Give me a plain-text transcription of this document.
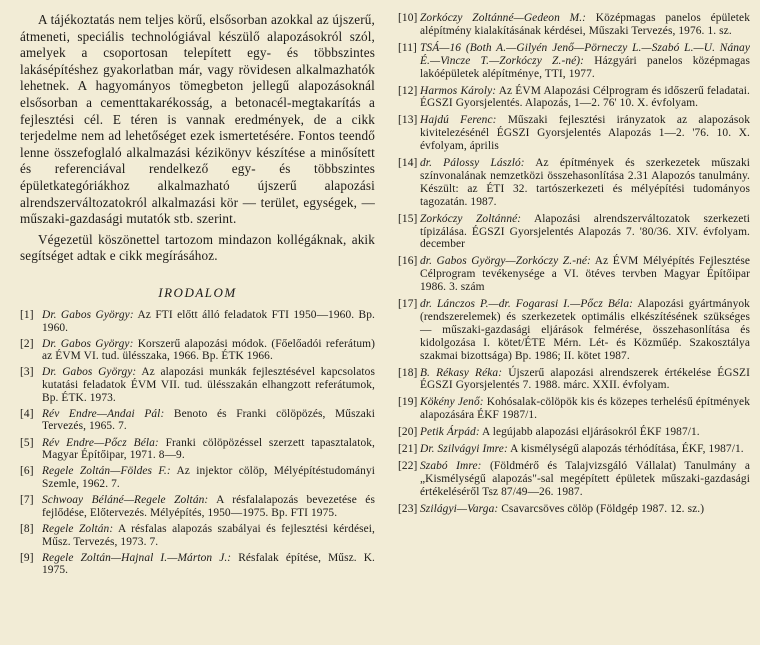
A tájékoztatás nem teljes körű, elsősorban azokkal az újszerű, átmeneti, speciális technológiával készülő alapozásokról szól, amelyek a csoportosan telepített egy- és többszintes lakásépítéshez gyakorlatban már, vagy rövidesen alkalmazhatók lehetnek. A hagyományos tömegbeton jellegű alapozásoknál elsősorban a cementtakarékosság, a betonacél-megtakarítás a fejlesztési cél. E téren is vannak eredmények, de a cikk terjedelme nem ad lehetőséget ezek ismertetésére. Fontos teendő lenne összefoglaló alkalmazási kézikönyv készítése a minősített és referenciával rendelkező egy- és többszintes épületkategóriákhoz alkalmazható újszerű alapozási alrendszerváltozatokról alkalmazási kör — terület, egységek, — műszaki-gazdasági mutatók stb. szerint.

Végezetül köszönettel tartozom mindazon kollégáknak, akik segítséget adtak e cikk megírásához.

IRODALOM
[1] Dr. Gabos György: Az FTI előtt álló feladatok FTI 1950—1960. Bp. 1960.
[2] Dr. Gabos György: Korszerű alapozási módok. (Főelőadói referátum) az ÉVM VI. tud. ülésszaka, 1966. Bp. ÉTK 1966.
[3] Dr. Gabos György: Az alapozási munkák fejlesztésével kapcsolatos kutatási feladatok ÉVM VII. tud. ülésszakán elhangzott referátumok, Bp. ÉTK. 1973.
[4] Rév Endre—Andai Pál: Benoto és Franki cölöpözés, Műszaki Tervezés, 1965. 7.
[5] Rév Endre—Pőcz Béla: Franki cölöpözéssel szerzett tapasztalatok, Magyar Építőipar, 1971. 8—9.
[6] Regele Zoltán—Földes F.: Az injektor cölöp, Mélyépítéstudományi Szemle, 1962. 7.
[7] Schwoay Béláné—Regele Zoltán: A résfalalapozás bevezetése és fejlődése, Előtervezés. Mélyépítés, 1950—1975. Bp. FTI 1975.
[8] Regele Zoltán: A résfalas alapozás szabályai és fejlesztési kérdései, Műsz. Tervezés, 1973. 7.
[9] Regele Zoltán—Hajnal I.—Márton J.: Résfalak építése, Műsz. K. 1975.
[10] Zorkóczy Zoltánné—Gedeon M.: Középmagas panelos épületek alépítmény kialakításának kérdései, Műszaki Tervezés, 1976. 1. sz.
[11] TSÁ—16 (Both A.—Gilyén Jenő—Pörneczy L.—Szabó L.—U. Nánay É.—Vincze T.—Zorkóczy Z.-né): Házgyári panelos középmagas lakóépületek alépítménye, TTI, 1977.
[12] Harmos Károly: Az ÉVM Alapozási Célprogram és időszerű feladatai. ÉGSZI Gyorsjelentés. Alapozás, 1—2. 76' 10. X. évfolyam.
[13] Hajdú Ferenc: Műszaki fejlesztési irányzatok az alapozások kivitelezésénél ÉGSZI Gyorsjelentés Alapozás 1—2. '76. 10. X. évfolyam, április
[14] dr. Pálossy László: Az építmények és szerkezetek műszaki színvonalának nemzetközi összehasonlítása 2.31 Alapozós tanulmány. Készült: az ÉTI 32. tartószerkezeti és mélyépítési tudományos tagozatán. 1987.
[15] Zorkóczy Zoltánné: Alapozási alrendszerváltozatok szerkezeti típizálása. ÉGSZI Gyorsjelentés Alapozás 7. '80/36. XIV. évfolyam. december
[16] dr. Gabos György—Zorkóczy Z.-né: Az ÉVM Mélyépítés Fejlesztése Célprogram tevékenysége a VI. ötéves tervben Magyar Építőipar 1986. 3. szám
[17] dr. Lánczos P.—dr. Fogarasi I.—Pőcz Béla: Alapozási gyártmányok (rendszerelemek) és szerkezetek optimális elkészítésének szükséges — műszaki-gazdasági eljárások felmérése, összehasonlítása és kidolgozása I. kötet/ÉTE Mérn. Lét- és Közműép. Szakosztálya szakmai bizottsága) Bp. 1986; II. kötet 1987.
[18] B. Rékasy Réka: Újszerű alapozási alrendszerek értékelése ÉGSZI ÉGSZI Gyorsjelentés 7. 1988. márc. XXII. évfolyam.
[19] Kökény Jenő: Kohósalak-cölöpök kis és közepes terhelésű építmények alapozására ÉKF 1987/1.
[20] Petik Árpád: A legújabb alapozási eljárásokról ÉKF 1987/1.
[21] Dr. Szilvágyi Imre: A kismélységű alapozás térhódítása, ÉKF, 1987/1.
[22] Szabó Imre: (Földmérő és Talajvizsgáló Vállalat) Tanulmány a „Kismélységű alapozás"-sal megépített épületek műszaki-gazdasági értékeléséről Tsz 87/49—26. 1987.
[23] Szilágyi—Varga: Csavarcsöves cölöp (Földgép 1987. 12. sz.)
